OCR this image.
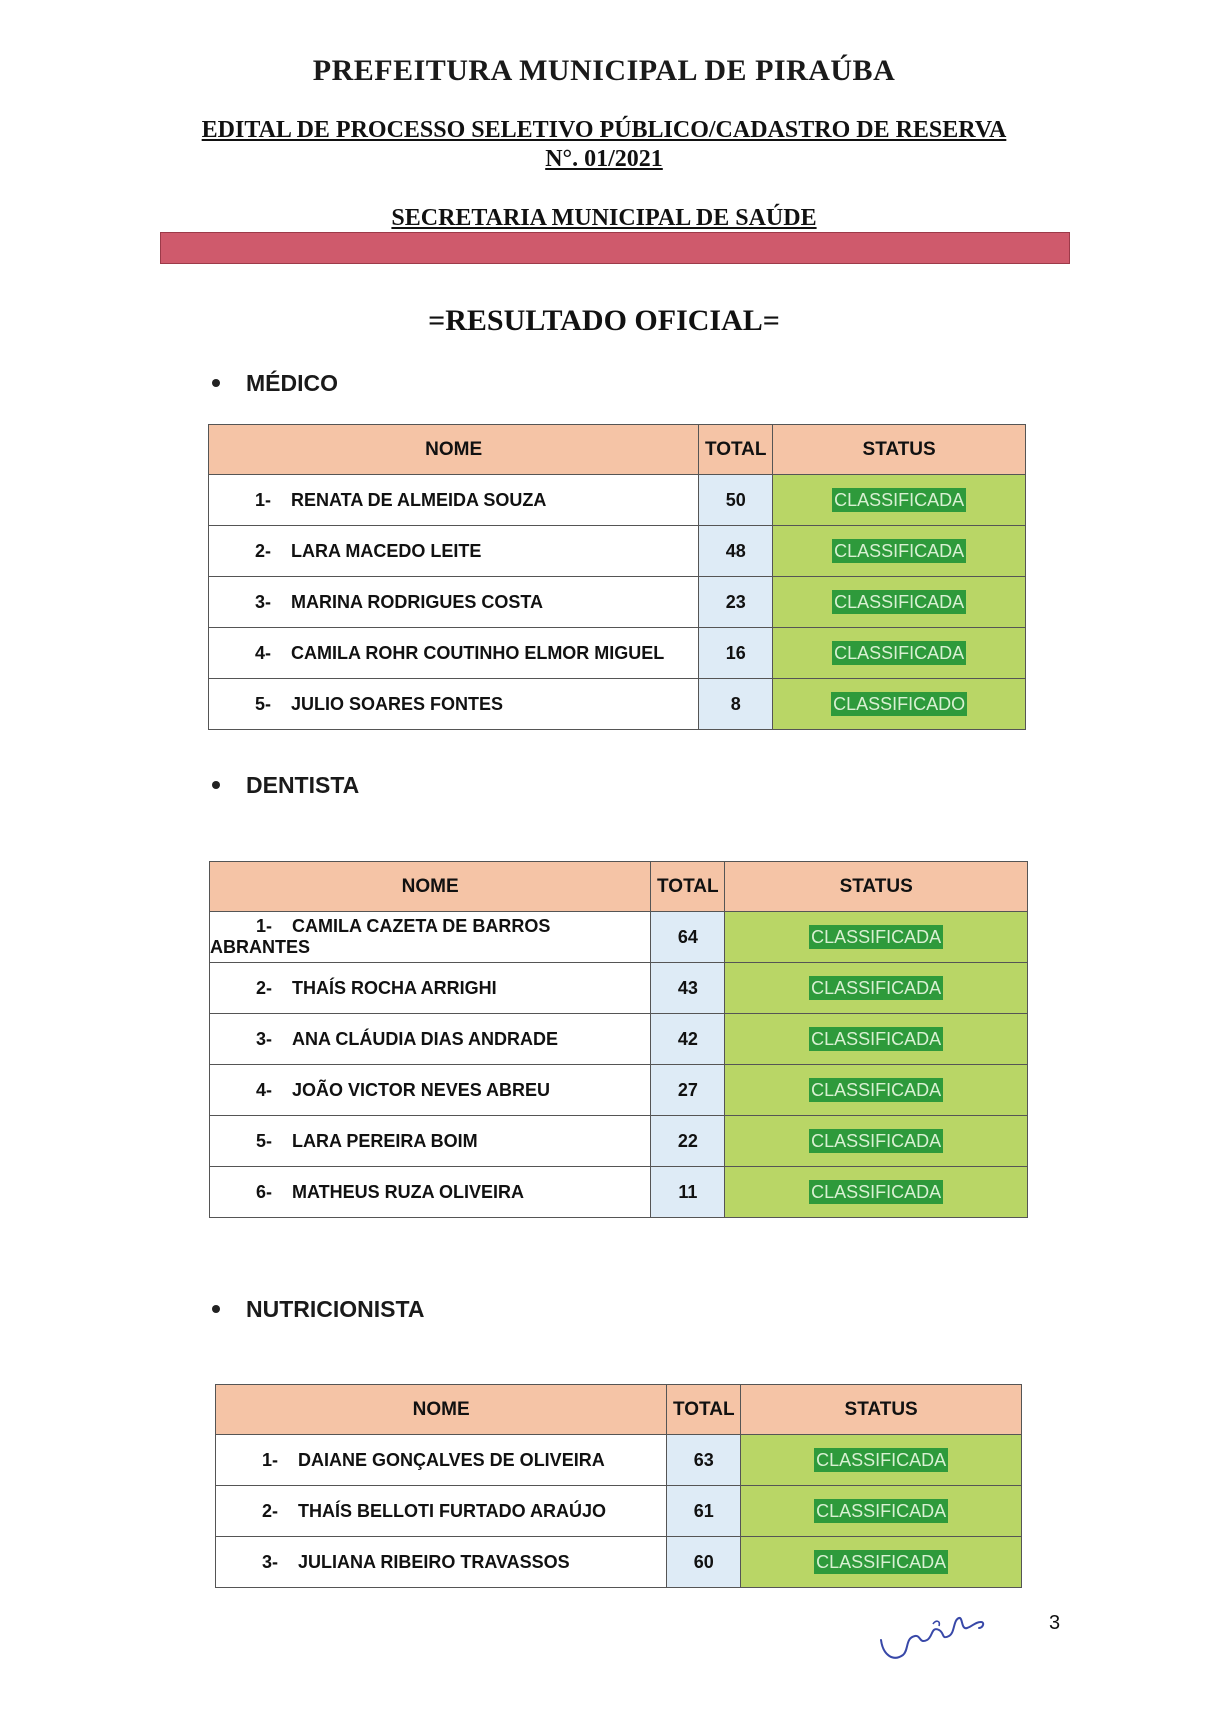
PREFEITURA MUNICIPAL DE PIRAÚBA
EDITAL DE PROCESSO SELETIVO PÚBLICO/CADASTRO DE RESERVA
N°. 01/2021
SECRETARIA MUNICIPAL DE SAÚDE
=RESULTADO OFICIAL=
MÉDICO
NOME	TOTAL	STATUS
1- RENATA DE ALMEIDA SOUZA	50	CLASSIFICADA
2- LARA MACEDO LEITE	48	CLASSIFICADA
3- MARINA RODRIGUES COSTA	23	CLASSIFICADA
4- CAMILA ROHR COUTINHO ELMOR MIGUEL	16	CLASSIFICADA
5- JULIO SOARES FONTES	8	CLASSIFICADO
DENTISTA
NOME	TOTAL	STATUS
1- CAMILA CAZETA DE BARROS ABRANTES	64	CLASSIFICADA
2- THAÍS ROCHA ARRIGHI	43	CLASSIFICADA
3- ANA CLÁUDIA DIAS ANDRADE	42	CLASSIFICADA
4- JOÃO VICTOR NEVES ABREU	27	CLASSIFICADA
5- LARA PEREIRA BOIM	22	CLASSIFICADA
6- MATHEUS RUZA OLIVEIRA	11	CLASSIFICADA
NUTRICIONISTA
NOME	TOTAL	STATUS
1- DAIANE GONÇALVES DE OLIVEIRA	63	CLASSIFICADA
2- THAÍS BELLOTI FURTADO ARAÚJO	61	CLASSIFICADA
3- JULIANA RIBEIRO TRAVASSOS	60	CLASSIFICADA
3
